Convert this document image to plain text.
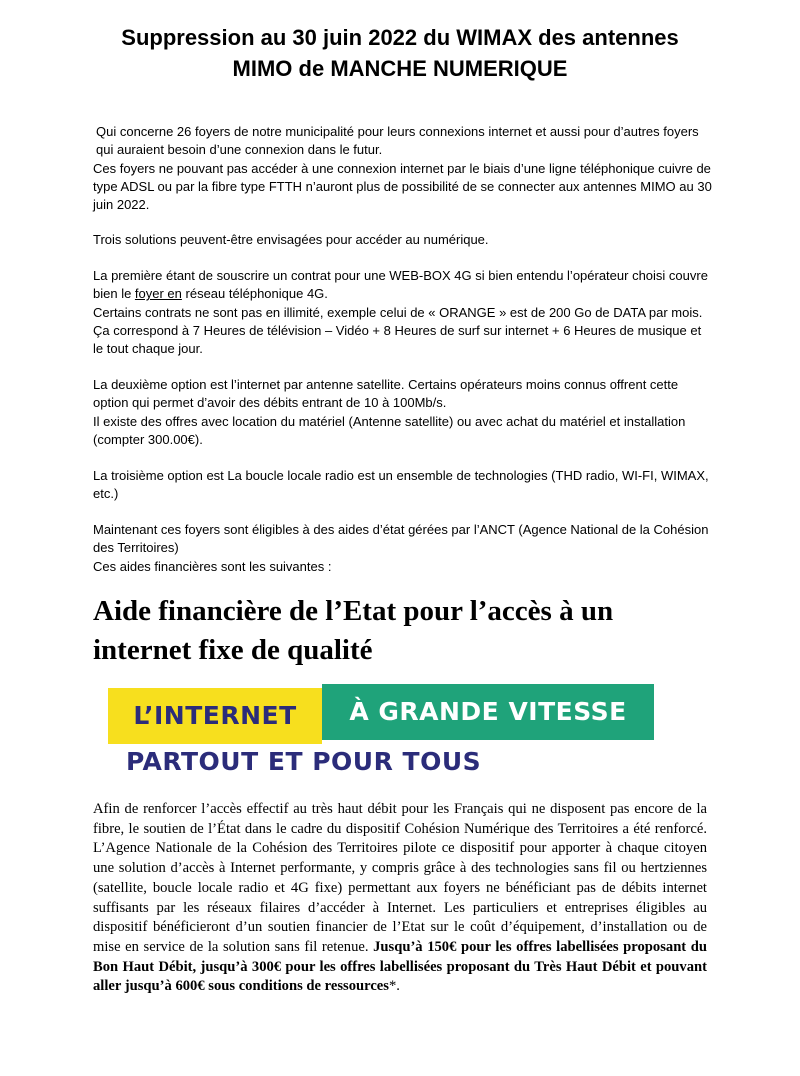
Suppression au 30 juin 2022 du WIMAX des antennes
MIMO de MANCHE NUMERIQUE

Qui concerne 26 foyers de notre municipalité pour leurs connexions internet et aussi pour d’autres foyers qui auraient besoin d’une connexion dans le futur.

Ces foyers ne pouvant pas accéder à une connexion internet par le biais d’une ligne téléphonique cuivre de type ADSL ou par la fibre type FTTH n’auront plus de possibilité de se connecter aux antennes MIMO au 30 juin 2022.

Trois solutions peuvent-être envisagées pour accéder au numérique.

La première étant de souscrire un contrat pour une WEB-BOX 4G si bien entendu l’opérateur choisi couvre bien le foyer en réseau téléphonique 4G.

Certains contrats ne sont pas en illimité, exemple celui de « ORANGE » est de 200 Go de DATA par mois. Ça correspond à 7 Heures de télévision – Vidéo + 8 Heures de surf sur internet + 6 Heures de musique et le tout chaque jour.

La deuxième option est l’internet par antenne satellite. Certains opérateurs moins connus offrent cette option qui permet d’avoir des débits entrant de 10 à 100Mb/s.

Il existe des offres avec location du matériel (Antenne satellite) ou avec achat du matériel et installation (compter 300.00€).

La troisième option est La boucle locale radio est un ensemble de technologies (THD radio, WI-FI, WIMAX, etc.)

Maintenant ces foyers sont éligibles à des aides d’état gérées par l’ANCT (Agence National de la Cohésion des Territoires)

Ces aides financières sont les suivantes :

Aide financière de l’Etat pour l’accès à un
internet fixe de qualité
L’INTERNET	À GRANDE VITESSE
PARTOUT ET POUR TOUS
Afin de renforcer l’accès effectif au très haut débit pour les Français qui ne disposent pas encore de la fibre, le soutien de l’État dans le cadre du dispositif Cohésion Numérique des Territoires a été renforcé. L’Agence Nationale de la Cohésion des Territoires pilote ce dispositif pour apporter à chaque citoyen une solution d’accès à Internet performante, y compris grâce à des technologies sans fil ou hertziennes (satellite, boucle locale radio et 4G fixe) permettant aux foyers ne bénéficiant pas de débits internet suffisants par les réseaux filaires d’accéder à Internet. Les particuliers et entreprises éligibles au dispositif bénéficieront d’un soutien financier de l’Etat sur le coût d’équipement, d’installation ou de mise en service de la solution sans fil retenue. Jusqu’à 150€ pour les offres labellisées proposant du Bon Haut Débit, jusqu’à 300€ pour les offres labellisées proposant du Très Haut Débit et pouvant aller jusqu’à 600€ sous conditions de ressources*.
